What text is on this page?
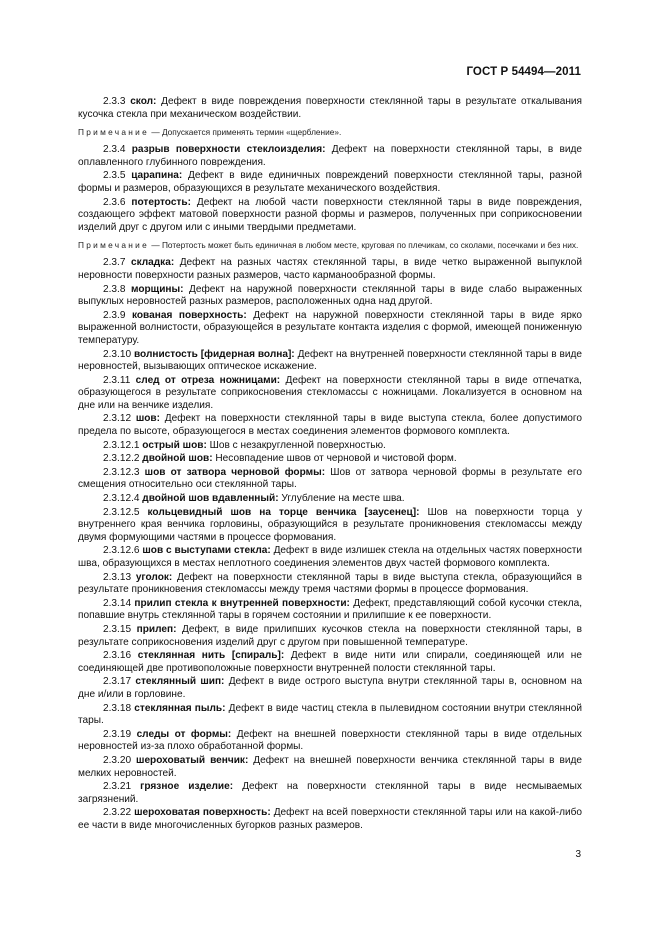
ГОСТ Р 54494—2011

2.3.3 скол: Дефект в виде повреждения поверхности стеклянной тары в результате откалывания кусочка стекла при механическом воздействии.

Примечание — Допускается применять термин «щербление».

2.3.4 разрыв поверхности стеклоизделия: Дефект на поверхности стеклянной тары, в виде оплавленного глубинного повреждения.

2.3.5 царапина: Дефект в виде единичных повреждений поверхности стеклянной тары, разной формы и размеров, образующихся в результате механического воздействия.

2.3.6 потертость: Дефект на любой части поверхности стеклянной тары в виде повреждения, создающего эффект матовой поверхности разной формы и размеров, полученных при соприкосновении изделий друг с другом или с иными твердыми предметами.

Примечание — Потертость может быть единичная в любом месте, круговая по плечикам, со сколами, посечками и без них.

2.3.7 складка: Дефект на разных частях стеклянной тары, в виде четко выраженной выпуклой неровности поверхности разных размеров, часто карманообразной формы.

2.3.8 морщины: Дефект на наружной поверхности стеклянной тары в виде слабо выраженных выпуклых неровностей разных размеров, расположенных одна над другой.

2.3.9 кованая поверхность: Дефект на наружной поверхности стеклянной тары в виде ярко выраженной волнистости, образующейся в результате контакта изделия с формой, имеющей пониженную температуру.

2.3.10 волнистость [фидерная волна]: Дефект на внутренней поверхности стеклянной тары в виде неровностей, вызывающих оптическое искажение.

2.3.11 след от отреза ножницами: Дефект на поверхности стеклянной тары в виде отпечатка, образующегося в результате соприкосновения стекломассы с ножницами. Локализуется в основном на дне или на венчике изделия.

2.3.12 шов: Дефект на поверхности стеклянной тары в виде выступа стекла, более допустимого предела по высоте, образующегося в местах соединения элементов формового комплекта.

2.3.12.1 острый шов: Шов с незакругленной поверхностью.

2.3.12.2 двойной шов: Несовпадение швов от черновой и чистовой форм.

2.3.12.3 шов от затвора черновой формы: Шов от затвора черновой формы в результате его смещения относительно оси стеклянной тары.

2.3.12.4 двойной шов вдавленный: Углубление на месте шва.

2.3.12.5 кольцевидный шов на торце венчика [заусенец]: Шов на поверхности торца у внутреннего края венчика горловины, образующийся в результате проникновения стекломассы между двумя формующими частями в процессе формования.

2.3.12.6 шов с выступами стекла: Дефект в виде излишек стекла на отдельных частях поверхности шва, образующихся в местах неплотного соединения элементов двух частей формового комплекта.

2.3.13 уголок: Дефект на поверхности стеклянной тары в виде выступа стекла, образующийся в результате проникновения стекломассы между тремя частями формы в процессе формования.

2.3.14 прилип стекла к внутренней поверхности: Дефект, представляющий собой кусочки стекла, попавшие внутрь стеклянной тары в горячем состоянии и прилипшие к ее поверхности.

2.3.15 прилеп: Дефект, в виде прилипших кусочков стекла на поверхности стеклянной тары, в результате соприкосновения изделий друг с другом при повышенной температуре.

2.3.16 стеклянная нить [спираль]: Дефект в виде нити или спирали, соединяющей или не соединяющей две противоположные поверхности внутренней полости стеклянной тары.

2.3.17 стеклянный шип: Дефект в виде острого выступа внутри стеклянной тары в, основном на дне и/или в горловине.

2.3.18 стеклянная пыль: Дефект в виде частиц стекла в пылевидном состоянии внутри стеклянной тары.

2.3.19 следы от формы: Дефект на внешней поверхности стеклянной тары в виде отдельных неровностей из-за плохо обработанной формы.

2.3.20 шероховатый венчик: Дефект на внешней поверхности венчика стеклянной тары в виде мелких неровностей.

2.3.21 грязное изделие: Дефект на поверхности стеклянной тары в виде несмываемых загрязнений.

2.3.22 шероховатая поверхность: Дефект на всей поверхности стеклянной тары или на какой-либо ее части в виде многочисленных бугорков разных размеров.

3
